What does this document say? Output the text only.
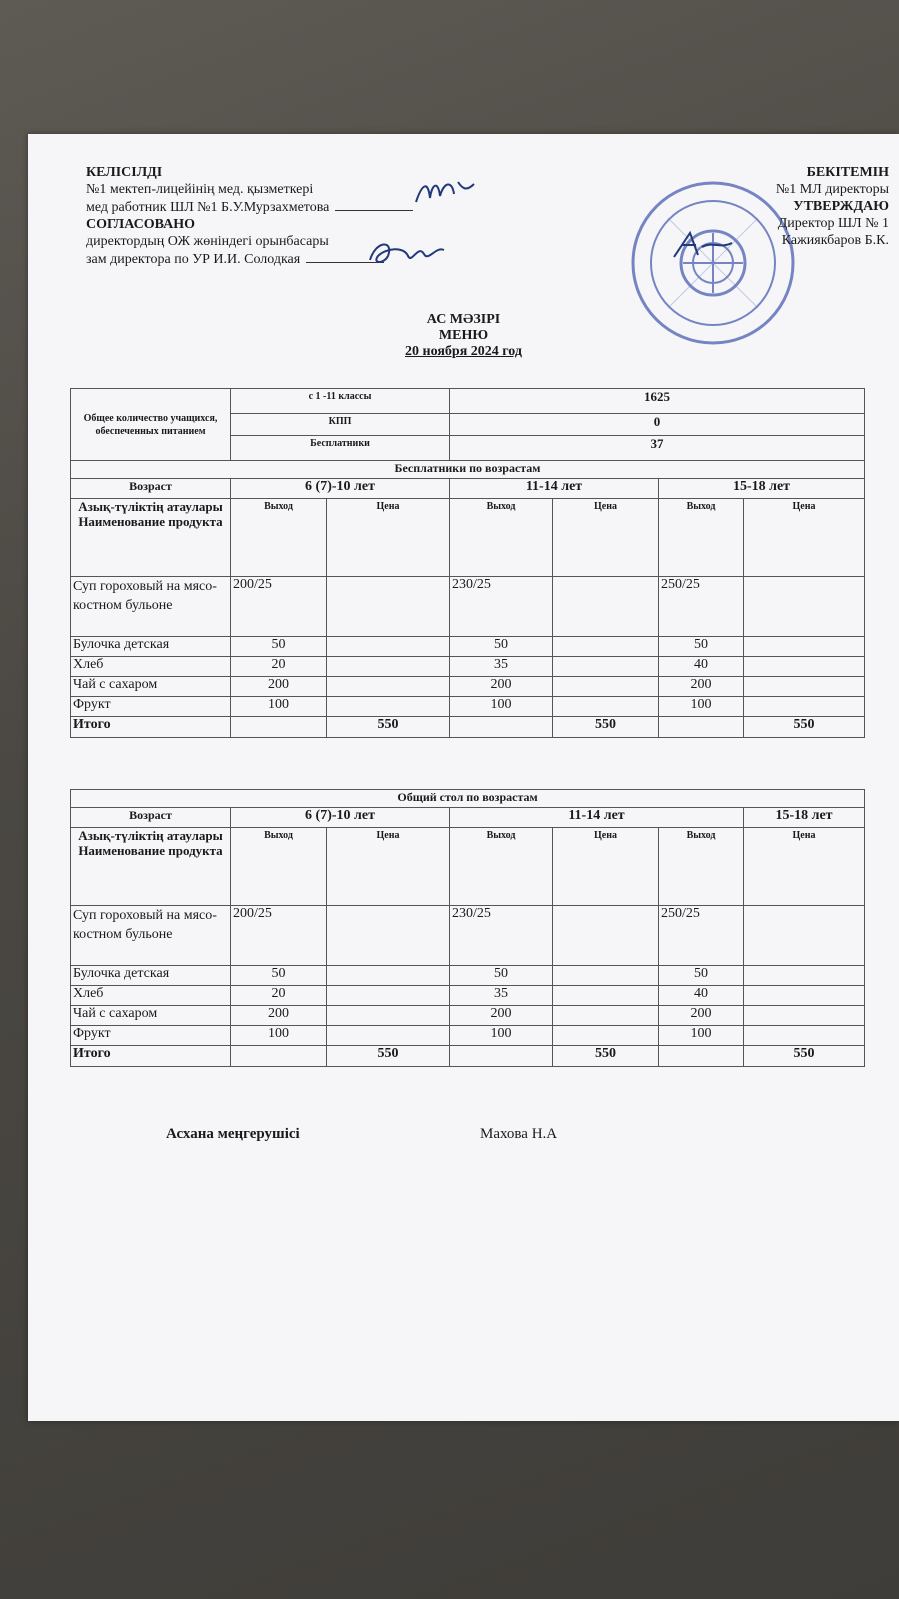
КЕЛІСІЛДІ
№1 мектеп-лицейінің мед. қызметкері
мед работник ШЛ №1 Б.У.Мурзахметова
СОГЛАСОВАНО
директордың ОЖ жөніндегі орынбасары
зам директора по УР И.И. Солодкая
БЕКІТЕМІН
№1 МЛ директоры
УТВЕРЖДАЮ
Директор ШЛ № 1
Кажиякбаров Б.К.
АС МӘЗІРІ
МЕНЮ
20 ноября 2024 год
Общее количество учащихся, обеспеченных питанием	с 1 -11 классы		1625			
	КПП		0			
	Бесплатники		37			
Бесплатники по возрастам						
Возраст	6 (7)-10 лет		11-14 лет		15-18 лет	
Азық-түліктің атаулары Наименование продукта	Выход	Цена	Выход	Цена	Выход	Цена
Суп гороховый на мясо-костном бульоне	200/25		230/25		250/25	
Булочка детская	50		50		50	
Хлеб	20		35		40	
Чай с сахаром	200		200		200	
Фрукт	100		100		100	
Итого		550		550		550
Общий стол по возрастам						
Возраст	6 (7)-10 лет		11-14 лет			15-18 лет
Азық-түліктің атаулары Наименование продукта	Выход	Цена	Выход	Цена	Выход	Цена
Суп гороховый на мясо-костном бульоне	200/25		230/25		250/25	
Булочка детская	50		50		50	
Хлеб	20		35		40	
Чай с сахаром	200		200		200	
Фрукт	100		100		100	
Итого		550		550		550
Асхана меңгерушісі	Махова Н.А
